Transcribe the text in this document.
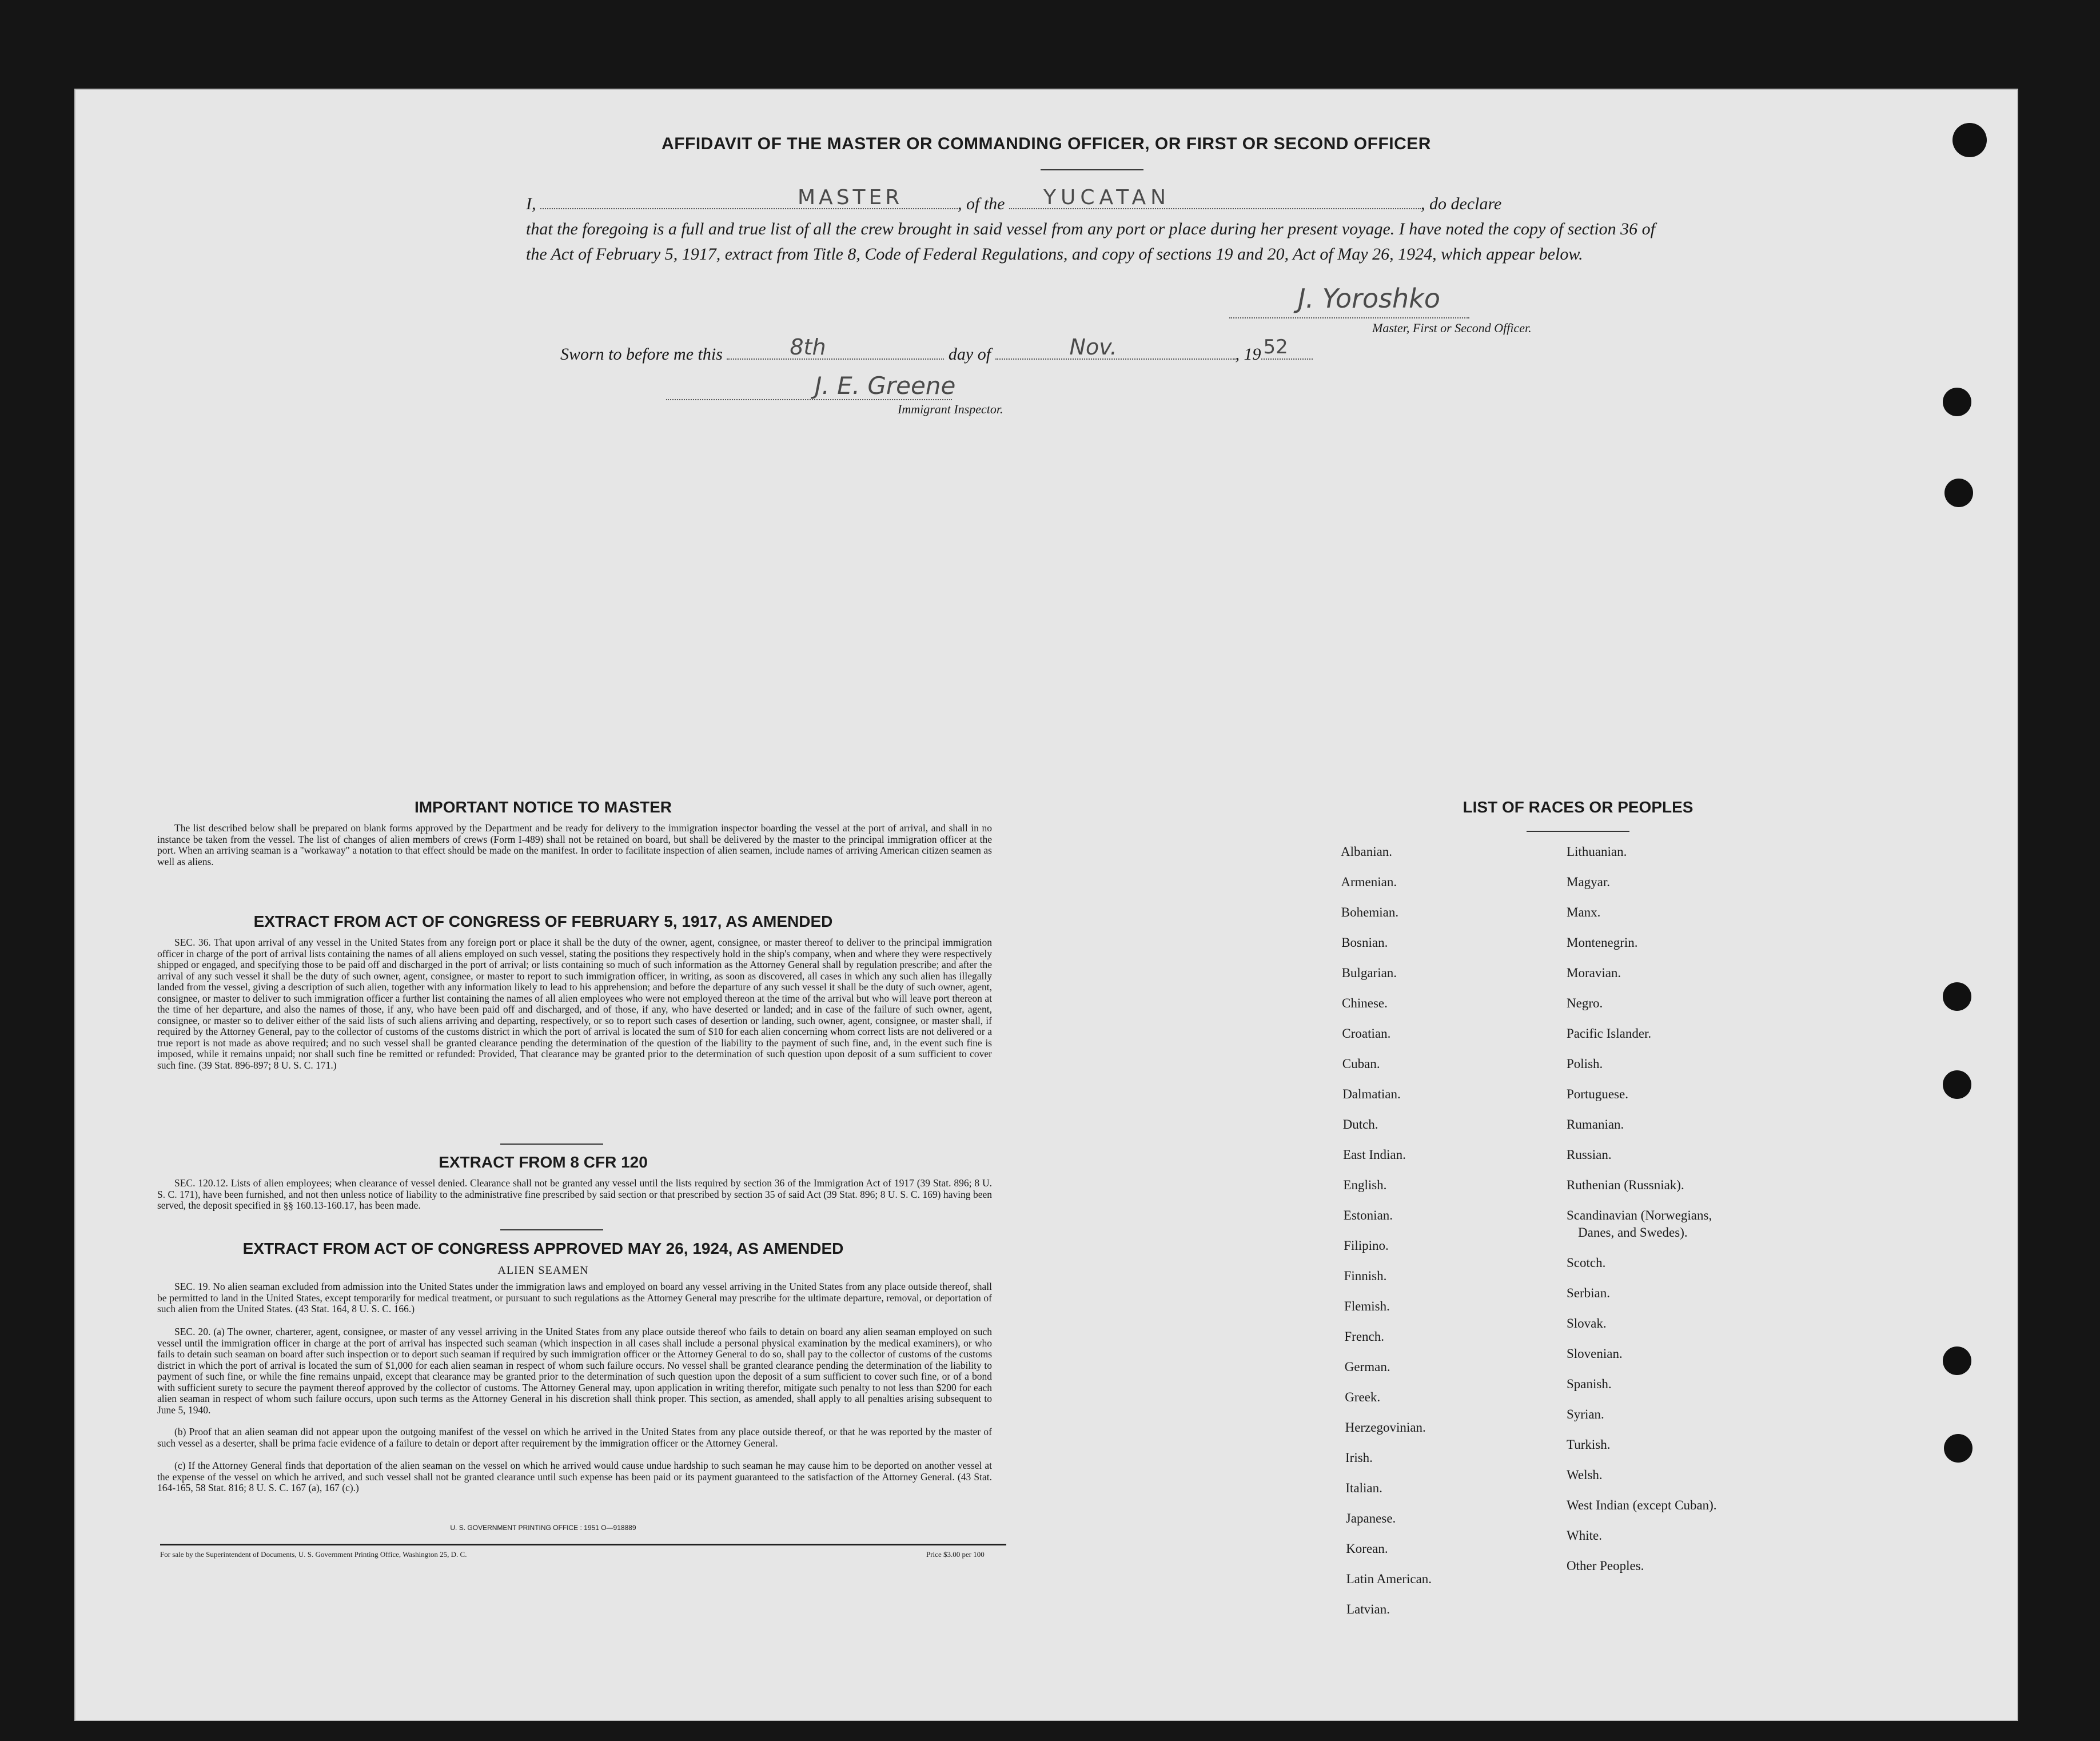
AFFIDAVIT OF THE MASTER OR COMMANDING OFFICER, OR FIRST OR SECOND OFFICER
I,	MASTER	, of the YUCATAN	, do declare
that the foregoing is a full and true list of all the crew brought in said vessel from any port or place during her present voyage. I have noted the copy of section 36 of the Act of February 5, 1917, extract from Title 8, Code of Federal Regulations, and copy of sections 19 and 20, Act of May 26, 1924, which appear below.
J. Yoroshko
Master, First or Second Officer.
Sworn to before me this	8th	day of	Nov.	, 19 52
J. E. Greene
Immigrant Inspector.
IMPORTANT NOTICE TO MASTER
The list described below shall be prepared on blank forms approved by the Department and be ready for delivery to the immigration inspector boarding the vessel at the port of arrival, and shall in no instance be taken from the vessel. The list of changes of alien members of crews (Form I-489) shall not be retained on board, but shall be delivered by the master to the principal immigration officer at the port. When an arriving seaman is a "workaway" a notation to that effect should be made on the manifest. In order to facilitate inspection of alien seamen, include names of arriving American citizen seamen as well as aliens.
EXTRACT FROM ACT OF CONGRESS OF FEBRUARY 5, 1917, AS AMENDED
SEC. 36. That upon arrival of any vessel in the United States from any foreign port or place it shall be the duty of the owner, agent, consignee, or master thereof to deliver to the principal immigration officer in charge of the port of arrival lists containing the names of all aliens employed on such vessel, stating the positions they respectively hold in the ship's company, when and where they were respectively shipped or engaged, and specifying those to be paid off and discharged in the port of arrival; or lists containing so much of such information as the Attorney General shall by regulation prescribe; and after the arrival of any such vessel it shall be the duty of such owner, agent, consignee, or master to report to such immigration officer, in writing, as soon as discovered, all cases in which any such alien has illegally landed from the vessel, giving a description of such alien, together with any information likely to lead to his apprehension; and before the departure of any such vessel it shall be the duty of such owner, agent, consignee, or master to deliver to such immigration officer a further list containing the names of all alien employees who were not employed thereon at the time of the arrival but who will leave port thereon at the time of her departure, and also the names of those, if any, who have been paid off and discharged, and of those, if any, who have deserted or landed; and in case of the failure of such owner, agent, consignee, or master so to deliver either of the said lists of such aliens arriving and departing, respectively, or so to report such cases of desertion or landing, such owner, agent, consignee, or master shall, if required by the Attorney General, pay to the collector of customs of the customs district in which the port of arrival is located the sum of $10 for each alien concerning whom correct lists are not delivered or a true report is not made as above required; and no such vessel shall be granted clearance pending the determination of the question of the liability to the payment of such fine, and, in the event such fine is imposed, while it remains unpaid; nor shall such fine be remitted or refunded: Provided, That clearance may be granted prior to the determination of such question upon deposit of a sum sufficient to cover such fine. (39 Stat. 896-897; 8 U. S. C. 171.)
EXTRACT FROM 8 CFR 120
SEC. 120.12. Lists of alien employees; when clearance of vessel denied. Clearance shall not be granted any vessel until the lists required by section 36 of the Immigration Act of 1917 (39 Stat. 896; 8 U. S. C. 171), have been furnished, and not then unless notice of liability to the administrative fine prescribed by said section or that prescribed by section 35 of said Act (39 Stat. 896; 8 U. S. C. 169) having been served, the deposit specified in §§ 160.13-160.17, has been made.
EXTRACT FROM ACT OF CONGRESS APPROVED MAY 26, 1924, AS AMENDED
ALIEN SEAMEN
SEC. 19. No alien seaman excluded from admission into the United States under the immigration laws and employed on board any vessel arriving in the United States from any place outside thereof, shall be permitted to land in the United States, except temporarily for medical treatment, or pursuant to such regulations as the Attorney General may prescribe for the ultimate departure, removal, or deportation of such alien from the United States. (43 Stat. 164, 8 U. S. C. 166.)
SEC. 20. (a) The owner, charterer, agent, consignee, or master of any vessel arriving in the United States from any place outside thereof who fails to detain on board any alien seaman employed on such vessel until the immigration officer in charge at the port of arrival has inspected such seaman (which inspection in all cases shall include a personal physical examination by the medical examiners), or who fails to detain such seaman on board after such inspection or to deport such seaman if required by such immigration officer or the Attorney General to do so, shall pay to the collector of customs of the customs district in which the port of arrival is located the sum of $1,000 for each alien seaman in respect of whom such failure occurs. No vessel shall be granted clearance pending the determination of the liability to payment of such fine, or while the fine remains unpaid, except that clearance may be granted prior to the determination of such question upon the deposit of a sum sufficient to cover such fine, or of a bond with sufficient surety to secure the payment thereof approved by the collector of customs. The Attorney General may, upon application in writing therefor, mitigate such penalty to not less than $200 for each alien seaman in respect of whom such failure occurs, upon such terms as the Attorney General in his discretion shall think proper. This section, as amended, shall apply to all penalties arising subsequent to June 5, 1940.
(b) Proof that an alien seaman did not appear upon the outgoing manifest of the vessel on which he arrived in the United States from any place outside thereof, or that he was reported by the master of such vessel as a deserter, shall be prima facie evidence of a failure to detain or deport after requirement by the immigration officer or the Attorney General.
(c) If the Attorney General finds that deportation of the alien seaman on the vessel on which he arrived would cause undue hardship to such seaman he may cause him to be deported on another vessel at the expense of the vessel on which he arrived, and such vessel shall not be granted clearance until such expense has been paid or its payment guaranteed to the satisfaction of the Attorney General. (43 Stat. 164-165, 58 Stat. 816; 8 U. S. C. 167 (a), 167 (c).)
U. S. GOVERNMENT PRINTING OFFICE : 1951 O—918889
For sale by the Superintendent of Documents, U. S. Government Printing Office, Washington 25, D. C.	Price $3.00 per 100
LIST OF RACES OR PEOPLES
Albanian.
Armenian.
Bohemian.
Bosnian.
Bulgarian.
Chinese.
Croatian.
Cuban.
Dalmatian.
Dutch.
East Indian.
English.
Estonian.
Filipino.
Finnish.
Flemish.
French.
German.
Greek.
Herzegovinian.
Irish.
Italian.
Japanese.
Korean.
Latin American.
Latvian.
Lithuanian.
Magyar.
Manx.
Montenegrin.
Moravian.
Negro.
Pacific Islander.
Polish.
Portuguese.
Rumanian.
Russian.
Ruthenian (Russniak).
Scandinavian (Norwegians,
Danes, and Swedes).
Scotch.
Serbian.
Slovak.
Slovenian.
Spanish.
Syrian.
Turkish.
Welsh.
West Indian (except Cuban).
White.
Other Peoples.
